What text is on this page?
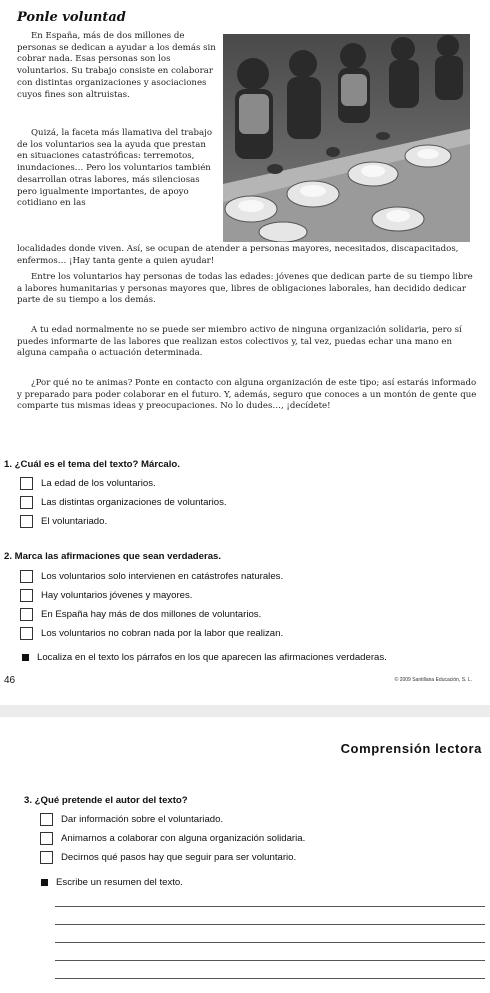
Ponle voluntad

En España, más de dos millones de personas se dedican a ayudar a los demás sin cobrar nada. Esas personas son los voluntarios. Su trabajo consiste en colaborar con distintas organizaciones y asociaciones cuyos fines son altruistas.

Quizá, la faceta más llamativa del trabajo de los voluntarios sea la ayuda que prestan en situaciones catastróficas: terremotos, inundaciones… Pero los voluntarios también desarrollan otras labores, más silenciosas pero igualmente importantes, de apoyo cotidiano en las

localidades donde viven. Así, se ocupan de atender a personas mayores, necesitados, discapacitados, enfermos… ¡Hay tanta gente a quien ayudar!

Entre los voluntarios hay personas de todas las edades: jóvenes que dedican parte de su tiempo libre a labores humanitarias y personas mayores que, libres de obligaciones laborales, han decidido dedicar parte de su tiempo a los demás.

A tu edad normalmente no se puede ser miembro activo de ninguna organización solidaria, pero sí puedes informarte de las labores que realizan estos colectivos y, tal vez, puedas echar una mano en alguna campaña o actuación determinada.

¿Por qué no te animas? Ponte en contacto con alguna organización de este tipo; así estarás informado y preparado para poder colaborar en el futuro. Y, además, seguro que conoces a un montón de gente que comparte tus mismas ideas y preocupaciones. No lo dudes…, ¡decídete!

1. ¿Cuál es el tema del texto? Márcalo.
La edad de los voluntarios.
Las distintas organizaciones de voluntarios.
El voluntariado.
2. Marca las afirmaciones que sean verdaderas.
Los voluntarios solo intervienen en catástrofes naturales.
Hay voluntarios jóvenes y mayores.
En España hay más de dos millones de voluntarios.
Los voluntarios no cobran nada por la labor que realizan.
Localiza en el texto los párrafos en los que aparecen las afirmaciones verdaderas.
46	© 2009 Santillana Educación, S. L.
Comprensión lectora
3. ¿Qué pretende el autor del texto?
Dar información sobre el voluntariado.
Animarnos a colaborar con alguna organización solidaria.
Decirnos qué pasos hay que seguir para ser voluntario.
Escribe un resumen del texto.
